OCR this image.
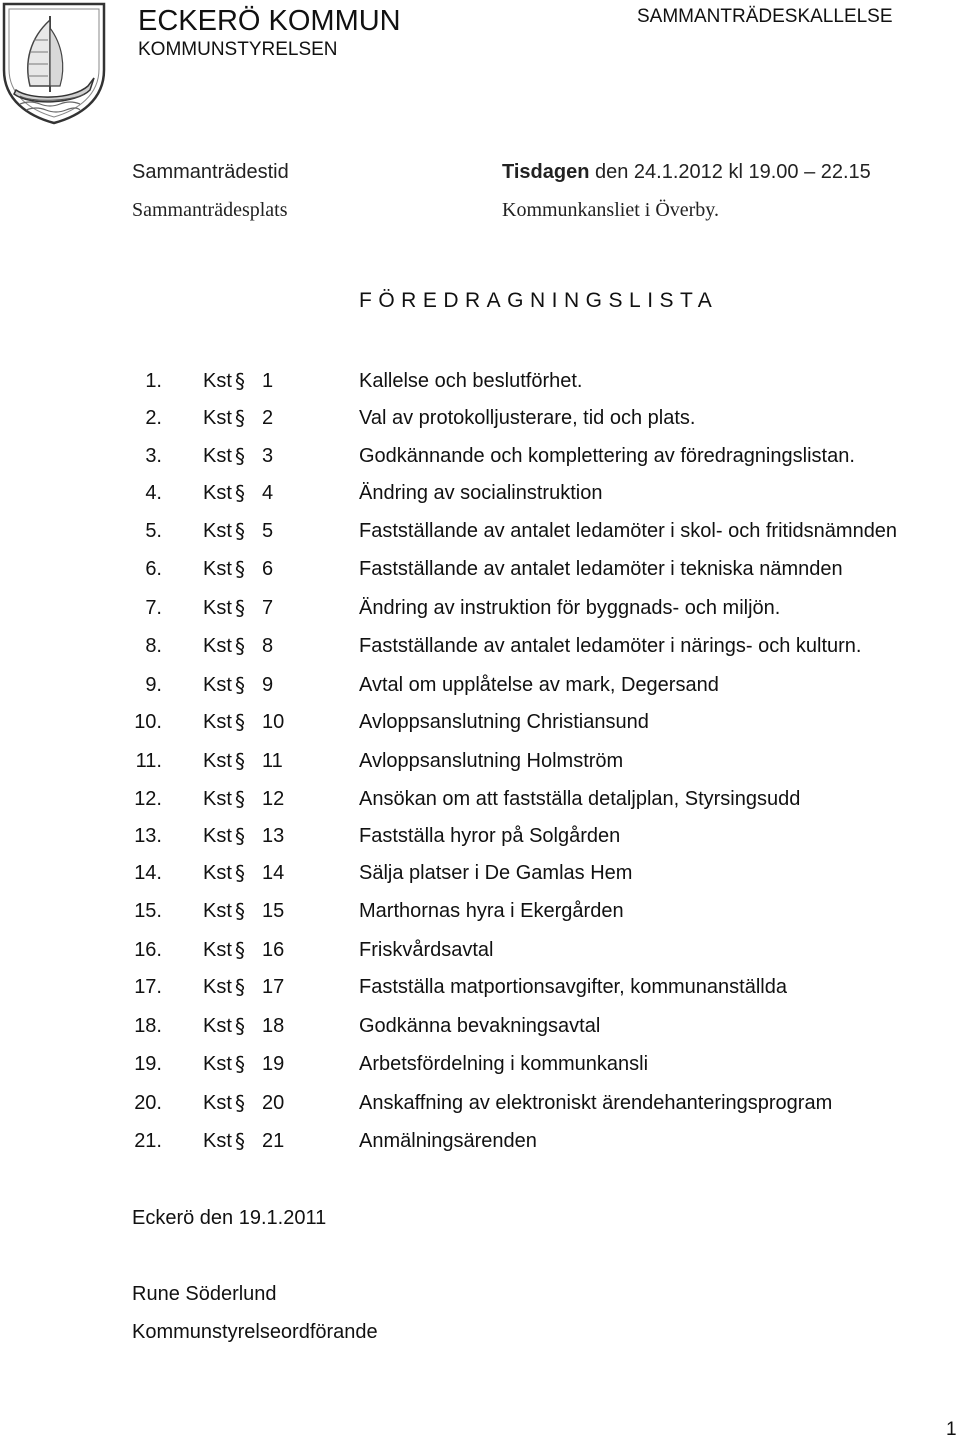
ECKERÖ KOMMUN
KOMMUNSTYRELSEN
SAMMANTRÄDESKALLELSE
Sammanträdestid	Tisdagen den 24.1.2012 kl 19.00 – 22.15
Sammanträdesplats	Kommunkansliet i Överby.
FÖREDRAGNINGSLISTA
1. Kst § 1	Kallelse och beslutförhet.
2. Kst § 2	Val av protokolljusterare, tid och plats.
3. Kst § 3	Godkännande och komplettering av föredragningslistan.
4. Kst § 4	Ändring av socialinstruktion
5. Kst § 5	Fastställande av antalet ledamöter i skol- och fritidsnämnden
6. Kst § 6	Fastställande av antalet ledamöter i tekniska nämnden
7. Kst § 7	Ändring av instruktion för byggnads- och miljön.
8. Kst § 8	Fastställande av antalet ledamöter i närings- och kulturn.
9. Kst § 9	Avtal om upplåtelse av mark, Degersand
10. Kst § 10	Avloppsanslutning Christiansund
11. Kst § 11	Avloppsanslutning Holmström
12. Kst § 12	Ansökan om att fastställa detaljplan, Styrsingsudd
13. Kst § 13	Fastställa hyror på Solgården
14. Kst § 14	Sälja platser i De Gamlas Hem
15. Kst § 15	Marthornas hyra i Ekergården
16. Kst § 16	Friskvårdsavtal
17. Kst § 17	Fastställa matportionsavgifter, kommunanställda
18. Kst § 18	Godkänna bevakningsavtal
19. Kst § 19	Arbetsfördelning i kommunkansli
20. Kst § 20	Anskaffning av elektroniskt ärendehanteringsprogram
21. Kst § 21	Anmälningsärenden
Eckerö den 19.1.2011
Rune Söderlund
Kommunstyrelseordförande
1
